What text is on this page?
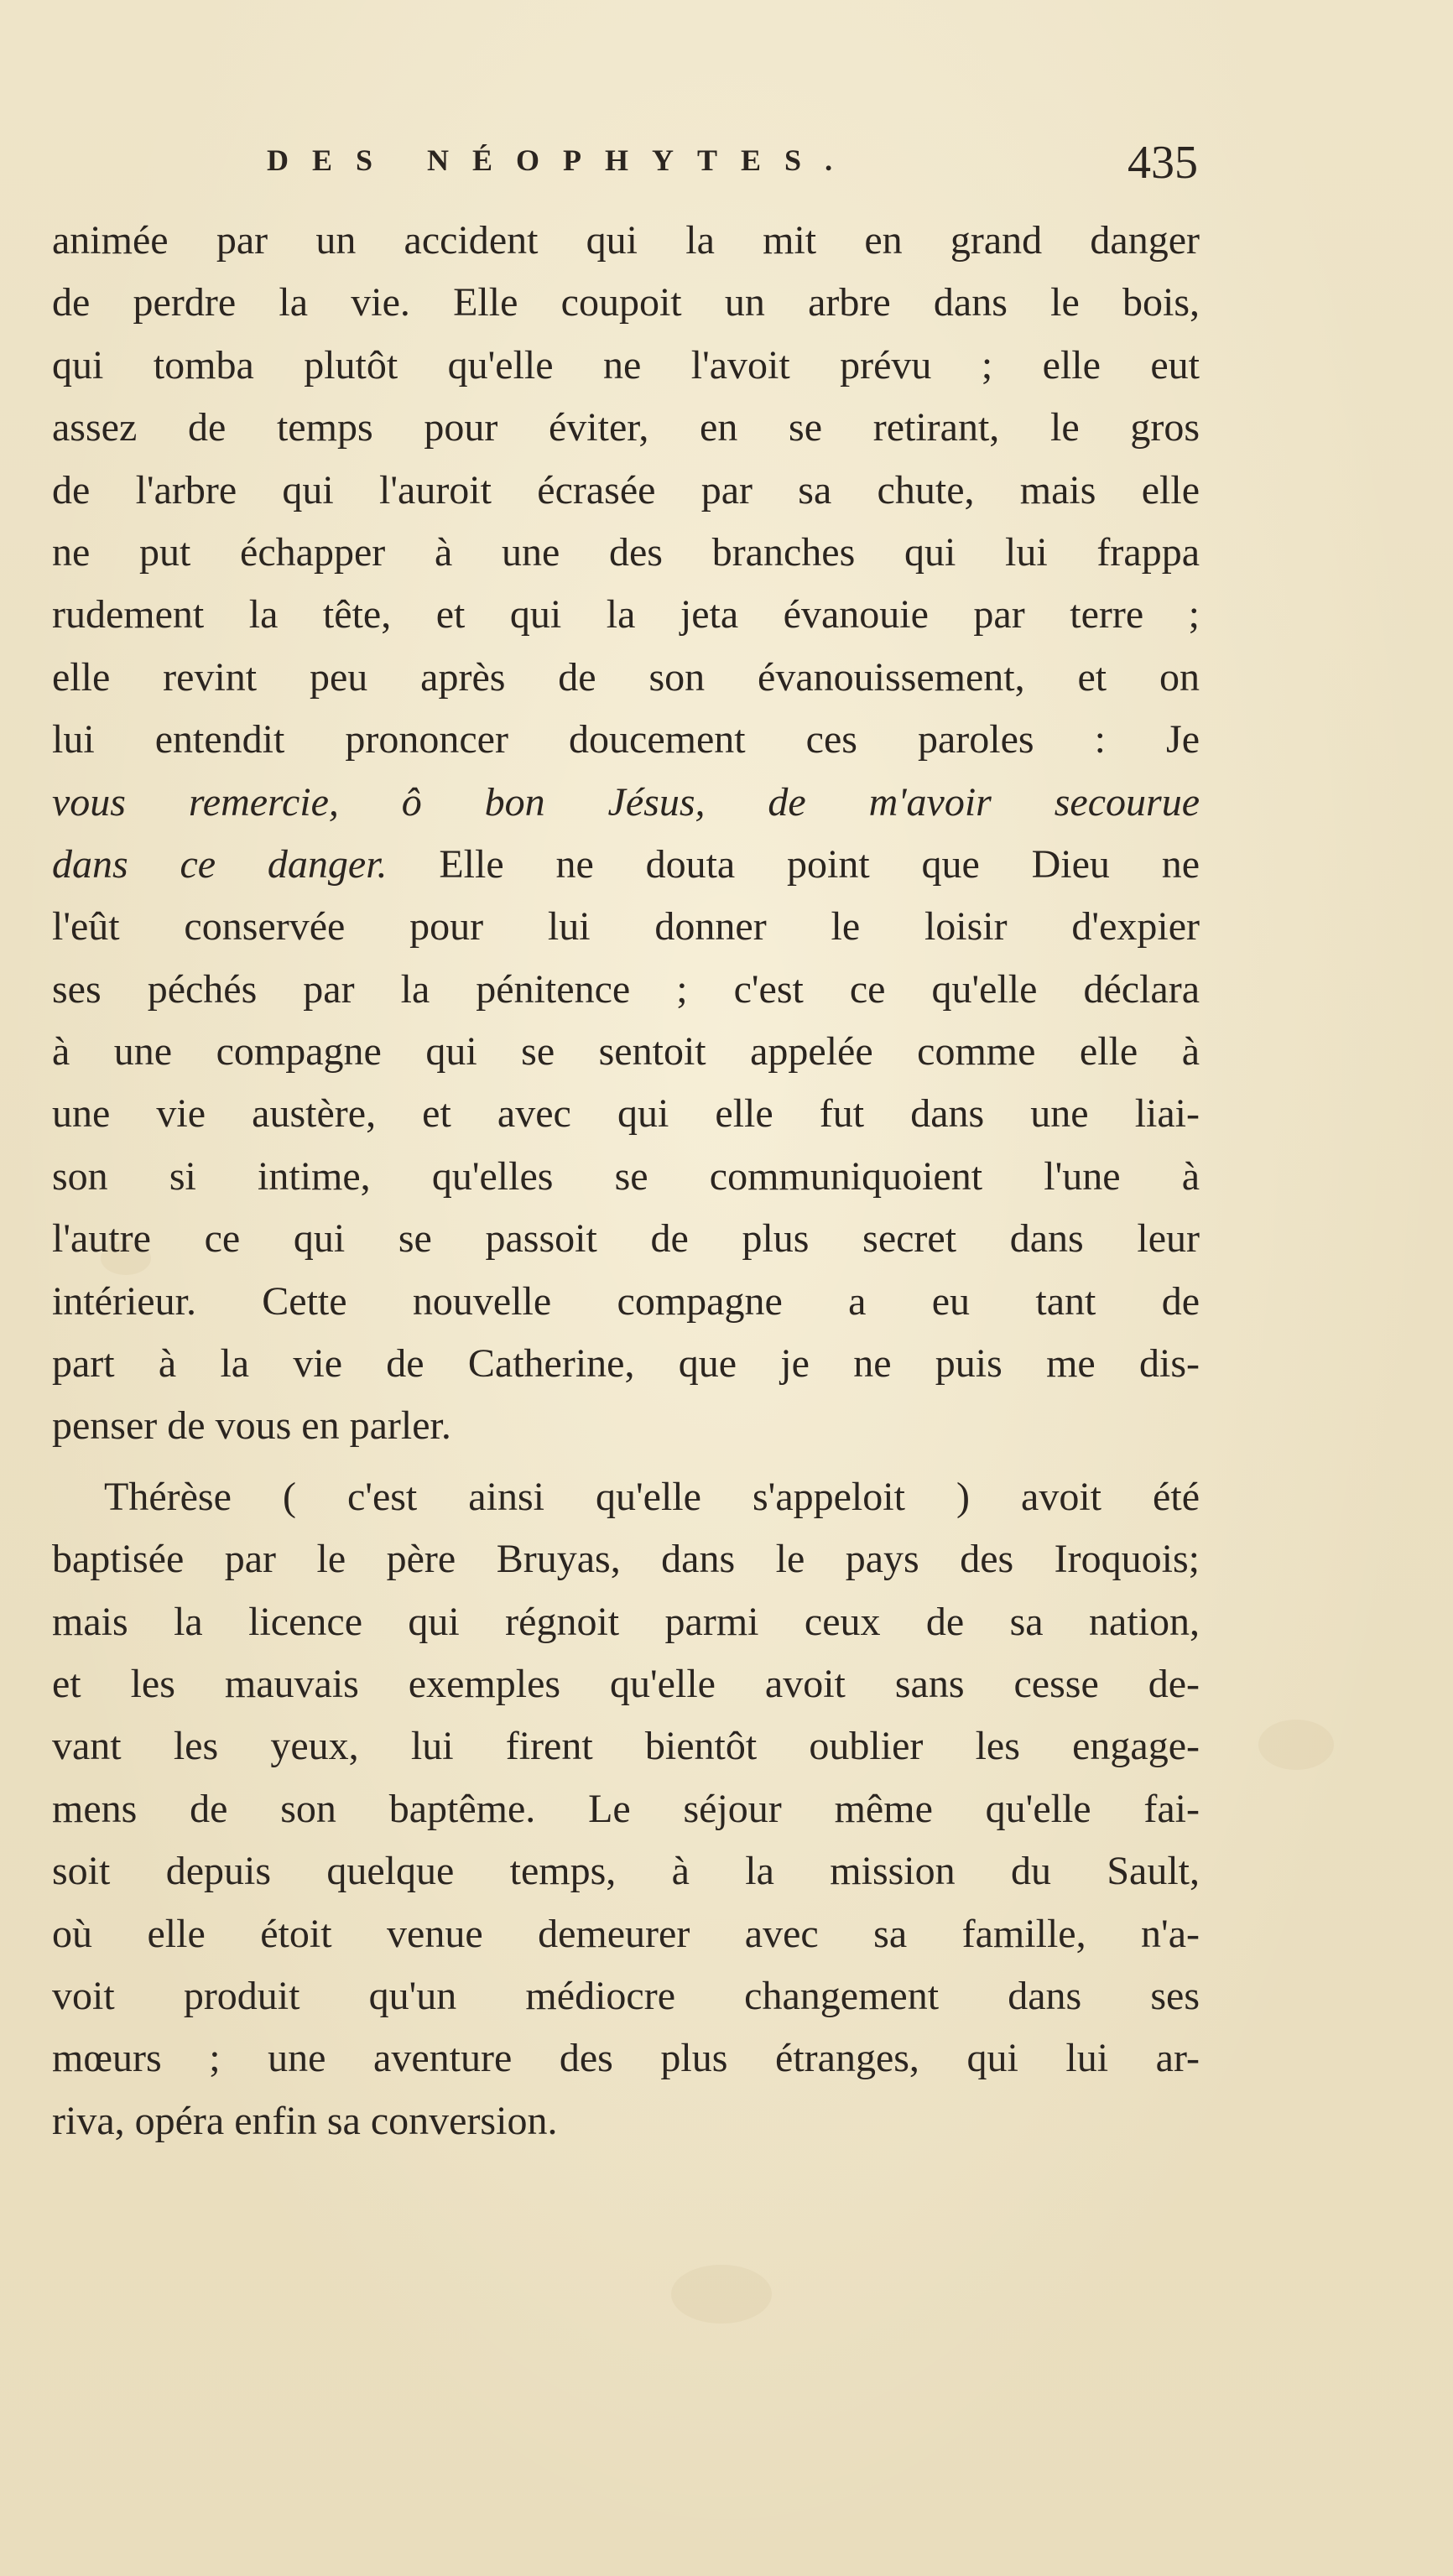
DES NÉOPHYTES.	435
animée par un accident qui la mit en grand danger
de perdre la vie. Elle coupoit un arbre dans le bois,
qui tomba plutôt qu'elle ne l'avoit prévu ; elle eut
assez de temps pour éviter, en se retirant, le gros
de l'arbre qui l'auroit écrasée par sa chute, mais elle
ne put échapper à une des branches qui lui frappa
rudement la tête, et qui la jeta évanouie par terre ;
elle revint peu après de son évanouissement, et on
lui entendit prononcer doucement ces paroles : Je
vous remercie, ô bon Jésus, de m'avoir secourue
dans ce danger. Elle ne douta point que Dieu ne
l'eût conservée pour lui donner le loisir d'expier
ses péchés par la pénitence ; c'est ce qu'elle déclara
à une compagne qui se sentoit appelée comme elle à
une vie austère, et avec qui elle fut dans une liai-
son si intime, qu'elles se communiquoient l'une à
l'autre ce qui se passoit de plus secret dans leur
intérieur. Cette nouvelle compagne a eu tant de
part à la vie de Catherine, que je ne puis me dis-
penser de vous en parler.
Thérèse ( c'est ainsi qu'elle s'appeloit ) avoit été
baptisée par le père Bruyas, dans le pays des Iroquois;
mais la licence qui régnoit parmi ceux de sa nation,
et les mauvais exemples qu'elle avoit sans cesse de-
vant les yeux, lui firent bientôt oublier les engage-
mens de son baptême. Le séjour même qu'elle fai-
soit depuis quelque temps, à la mission du Sault,
où elle étoit venue demeurer avec sa famille, n'a-
voit produit qu'un médiocre changement dans ses
mœurs ; une aventure des plus étranges, qui lui ar-
riva, opéra enfin sa conversion.
